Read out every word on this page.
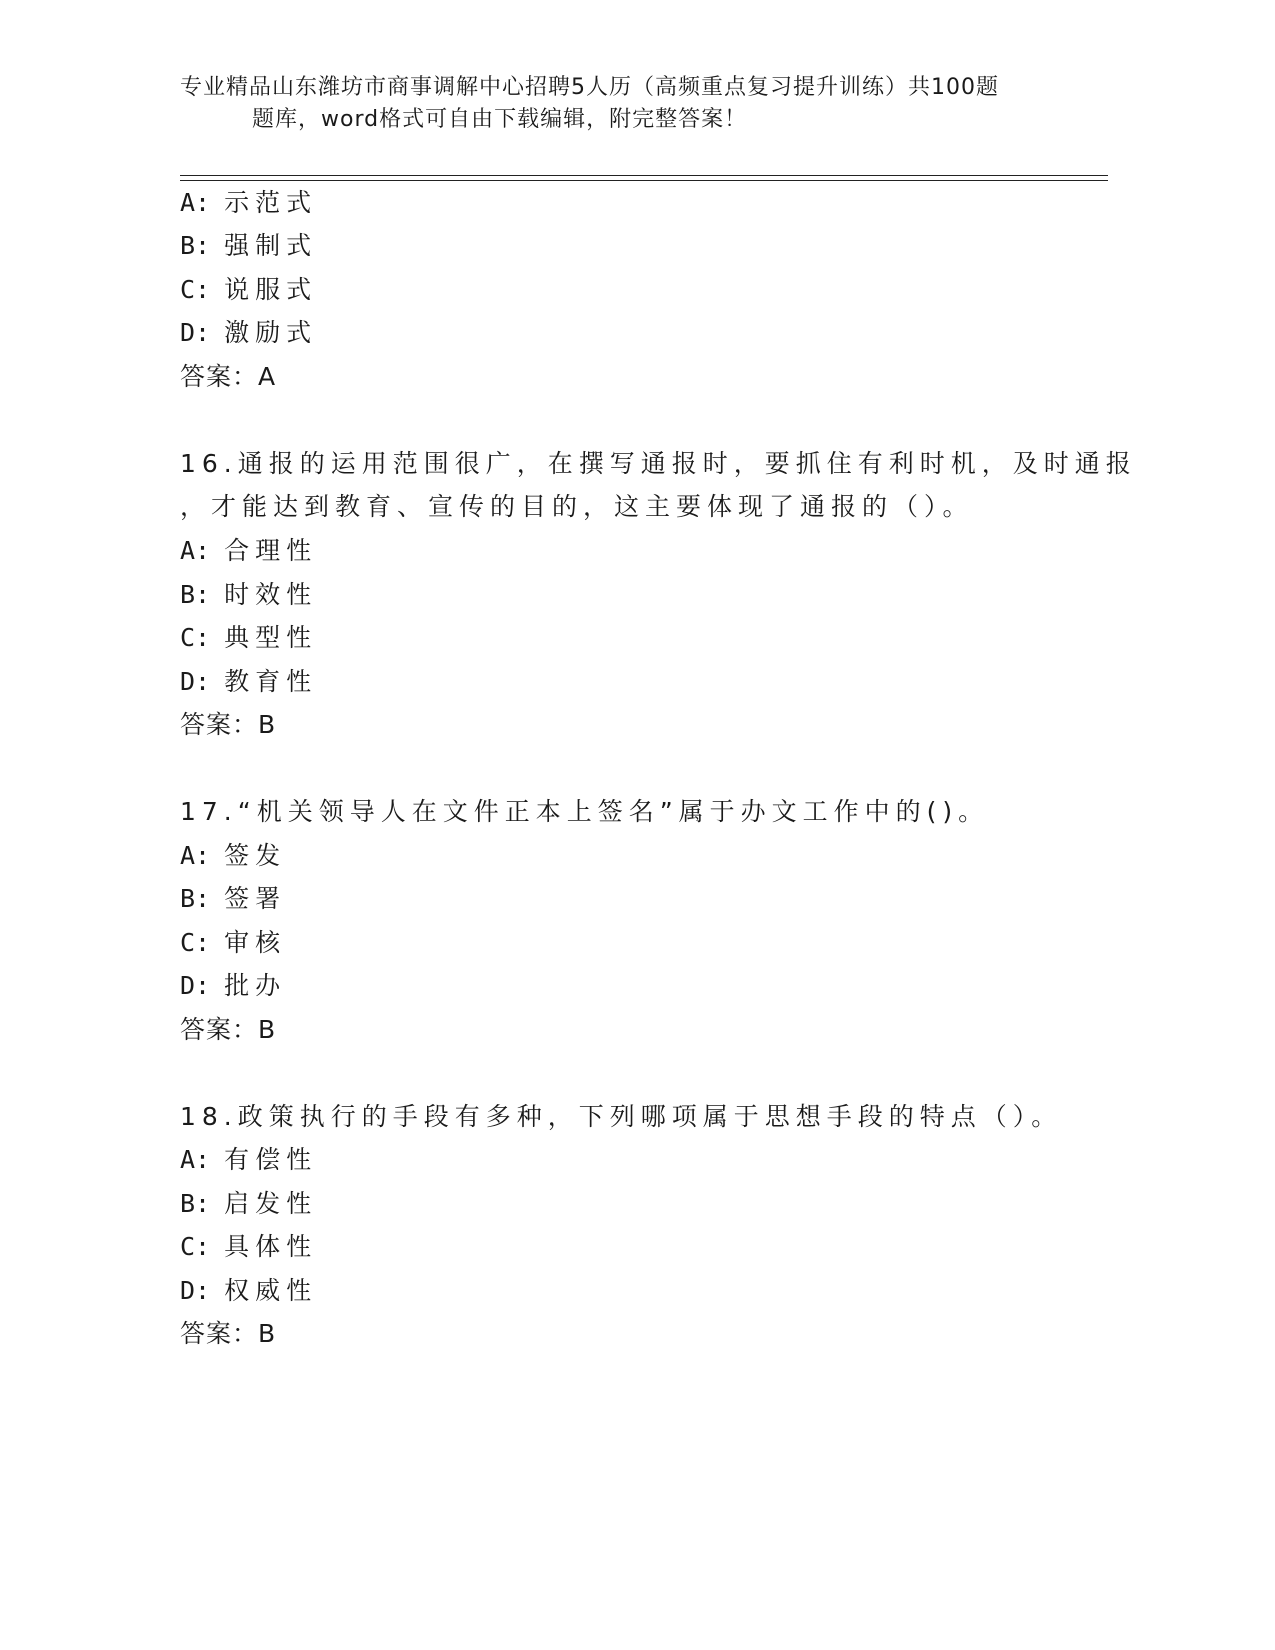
专业精品山东潍坊市商事调解中心招聘5人历（高频重点复习提升训练）共100题
题库，word格式可自由下载编辑，附完整答案！
A: 示范式
B: 强制式
C: 说服式
D: 激励式
答案：A
16.通报的运用范围很广，在撰写通报时，要抓住有利时机，及时通报
，才能达到教育、宣传的目的，这主要体现了通报的（）。
A: 合理性
B: 时效性
C: 典型性
D: 教育性
答案：B
17.“机关领导人在文件正本上签名”属于办文工作中的()。
A: 签发
B: 签署
C: 审核
D: 批办
答案：B
18.政策执行的手段有多种，下列哪项属于思想手段的特点（）。
A: 有偿性
B: 启发性
C: 具体性
D: 权威性
答案：B
